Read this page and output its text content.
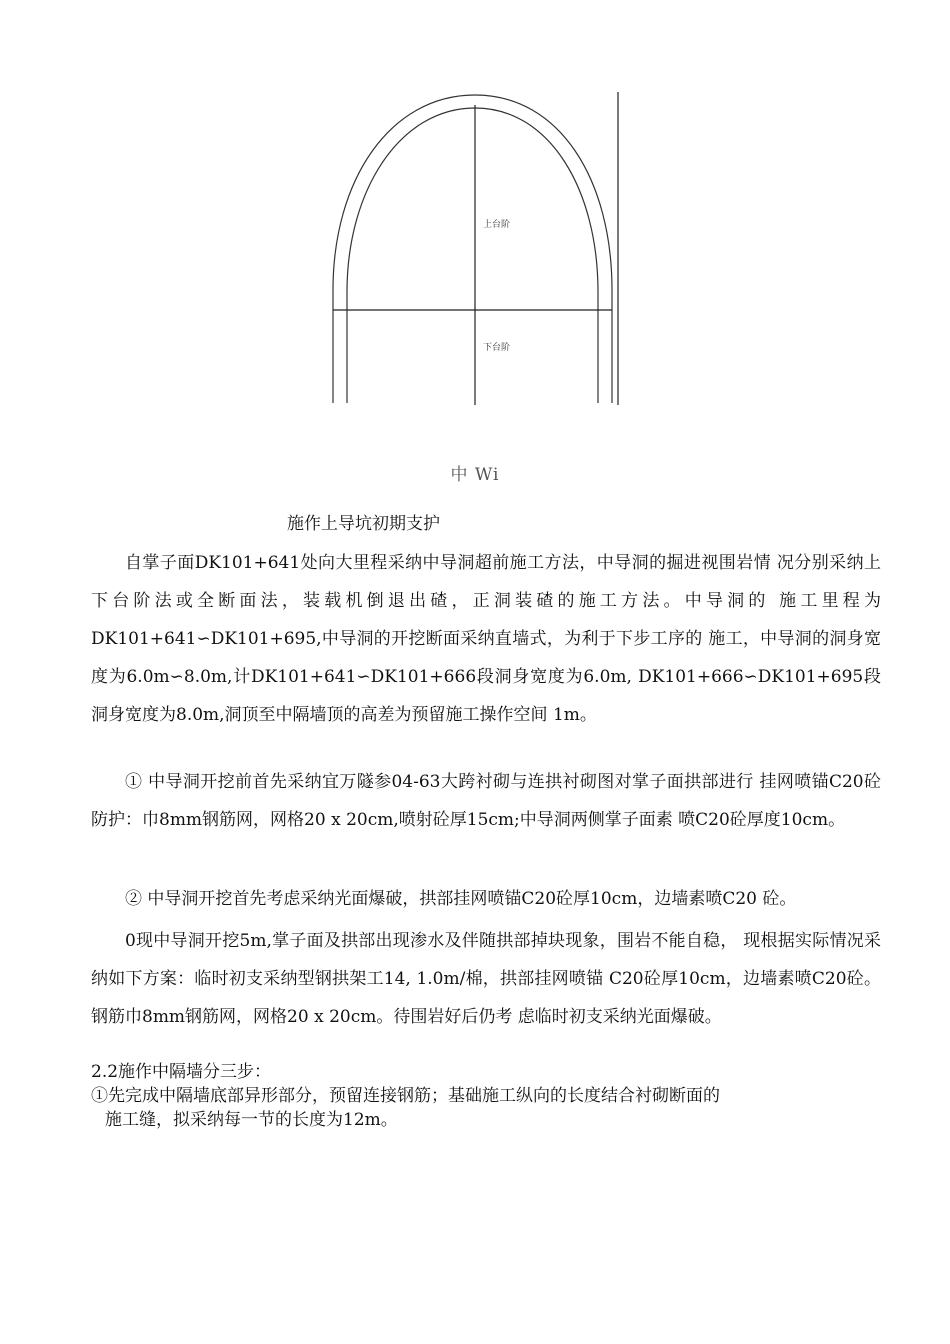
上台阶
下台阶
中 Wi
施作上导坑初期支护
自掌子面DK101+641处向大里程采纳中导洞超前施工方法，中导洞的掘进视围岩情 况分别采纳上下台阶法或全断面法，装载机倒退出碴，正洞装碴的施工方法。中导洞的 施工里程为DK101+641∽DK101+695,中导洞的开挖断面采纳直墙式，为利于下步工序的 施工，中导洞的洞身宽度为6.0m∽8.0m,计DK101+641∽DK101+666段洞身宽度为6.0m, DK101+666∽DK101+695段洞身宽度为8.0m,洞顶至中隔墙顶的高差为预留施工操作空间 1m。
① 中导洞开挖前首先采纳宜万隧参04-63大跨衬砌与连拱衬砌图对掌子面拱部进行 挂网喷锚C20砼防护：巾8mm钢筋网，网格20 x 20cm,喷射砼厚15cm;中导洞两侧掌子面素 喷C20砼厚度10cm。
② 中导洞开挖首先考虑采纳光面爆破，拱部挂网喷锚C20砼厚10cm，边墙素喷C20 砼。
0现中导洞开挖5m,掌子面及拱部出现渗水及伴随拱部掉块现象，围岩不能自稳， 现根据实际情况采纳如下方案：临时初支采纳型钢拱架工14, 1.0m/棉，拱部挂网喷锚 C20砼厚10cm，边墙素喷C20砼。钢筋巾8mm钢筋网，网格20 x 20cm。待围岩好后仍考 虑临时初支采纳光面爆破。
2.2施作中隔墙分三步：
①先完成中隔墙底部异形部分，预留连接钢筋；基础施工纵向的长度结合衬砌断面的
施工缝，拟采纳每一节的长度为12m。
